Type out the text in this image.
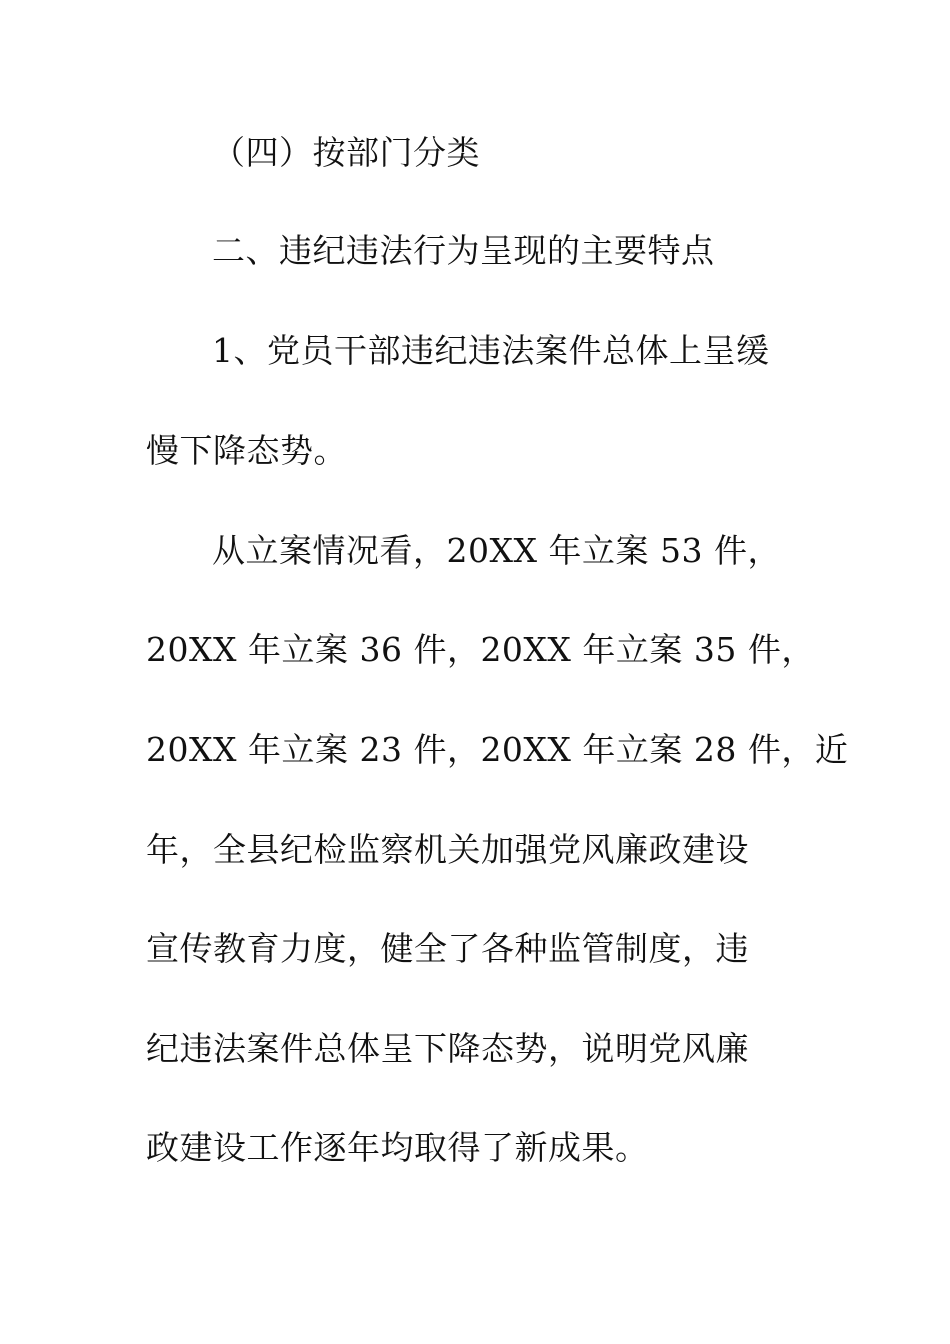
（四）按部门分类
二、违纪违法行为呈现的主要特点
1、党员干部违纪违法案件总体上呈缓
慢下降态势。
从立案情况看，20XX 年立案 53 件，
20XX 年立案 36 件，20XX 年立案 35 件，
20XX 年立案 23 件，20XX 年立案 28 件，近
年，全县纪检监察机关加强党风廉政建设
宣传教育力度，健全了各种监管制度，违
纪违法案件总体呈下降态势，说明党风廉
政建设工作逐年均取得了新成果。
